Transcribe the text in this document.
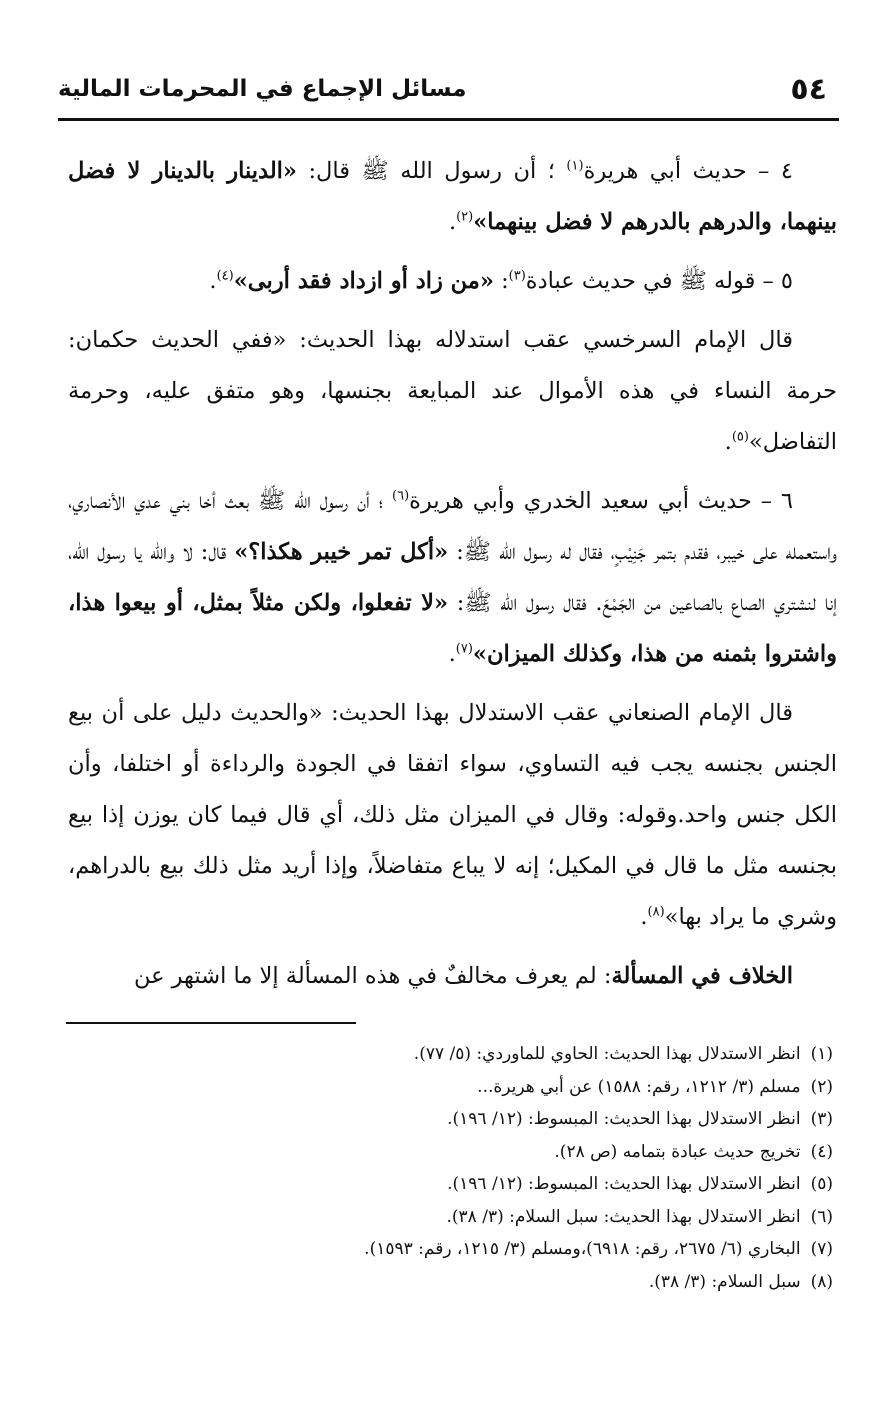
مسائل الإجماع في المحرمات المالية	٥٤

٤ – حديث أبي هريرة$^{(١)}$ ؛ أن رسول الله ﷺ قال: «الدينار بالدينار لا فضل بينهما، والدرهم بالدرهم لا فضل بينهما»$^{(٢)}$.

٥ – قوله ﷺ في حديث عبادة$^{(٣)}$: «من زاد أو ازداد فقد أربى»$^{(٤)}$.

قال الإمام السرخسي عقب استدلاله بهذا الحديث: «ففي الحديث حكمان: حرمة النساء في هذه الأموال عند المبايعة بجنسها، وهو متفق عليه، وحرمة التفاضل»$^{(٥)}$.

٦ – حديث أبي سعيد الخدري وأبي هريرة$^{(٦)}$ ؛ أن رسول الله ﷺ بعث أخا بني عدي الأنصاري، واستعمله على خيبر، فقدم بتمر جَنِيْبٍ، فقال له رسول الله ﷺ: «أكل تمر خيبر هكذا؟» قال: لا والله يا رسول الله، إنا لنشتري الصاع بالصاعين من الجَمْعَ. فقال رسول الله ﷺ: «لا تفعلوا، ولكن مثلاً بمثل، أو بيعوا هذا، واشتروا بثمنه من هذا، وكذلك الميزان»$^{(٧)}$.

قال الإمام الصنعاني عقب الاستدلال بهذا الحديث: «والحديث دليل على أن بيع الجنس بجنسه يجب فيه التساوي، سواء اتفقا في الجودة والرداءة أو اختلفا، وأن الكل جنس واحد.وقوله: وقال في الميزان مثل ذلك، أي قال فيما كان يوزن إذا بيع بجنسه مثل ما قال في المكيل؛ إنه لا يباع متفاضلاً، وإذا أريد مثل ذلك بيع بالدراهم، وشري ما يراد بها»$^{(٨)}$.

الخلاف في المسألة: لم يعرف مخالفٌ في هذه المسألة إلا ما اشتهر عن

(١)انظر الاستدلال بهذا الحديث: الحاوي للماوردي: (٥/ ٧٧).

(٢)مسلم (٣/ ١٢١٢، رقم: ١٥٨٨) عن أبي هريرة...

(٣)انظر الاستدلال بهذا الحديث: المبسوط: (١٢/ ١٩٦).

(٤)تخريج حديث عبادة بتمامه (ص ٢٨).

(٥)انظر الاستدلال بهذا الحديث: المبسوط: (١٢/ ١٩٦).

(٦)انظر الاستدلال بهذا الحديث: سبل السلام: (٣/ ٣٨).

(٧)البخاري (٦/ ٢٦٧٥، رقم: ٦٩١٨)،ومسلم (٣/ ١٢١٥، رقم: ١٥٩٣).

(٨)سبل السلام: (٣/ ٣٨).
